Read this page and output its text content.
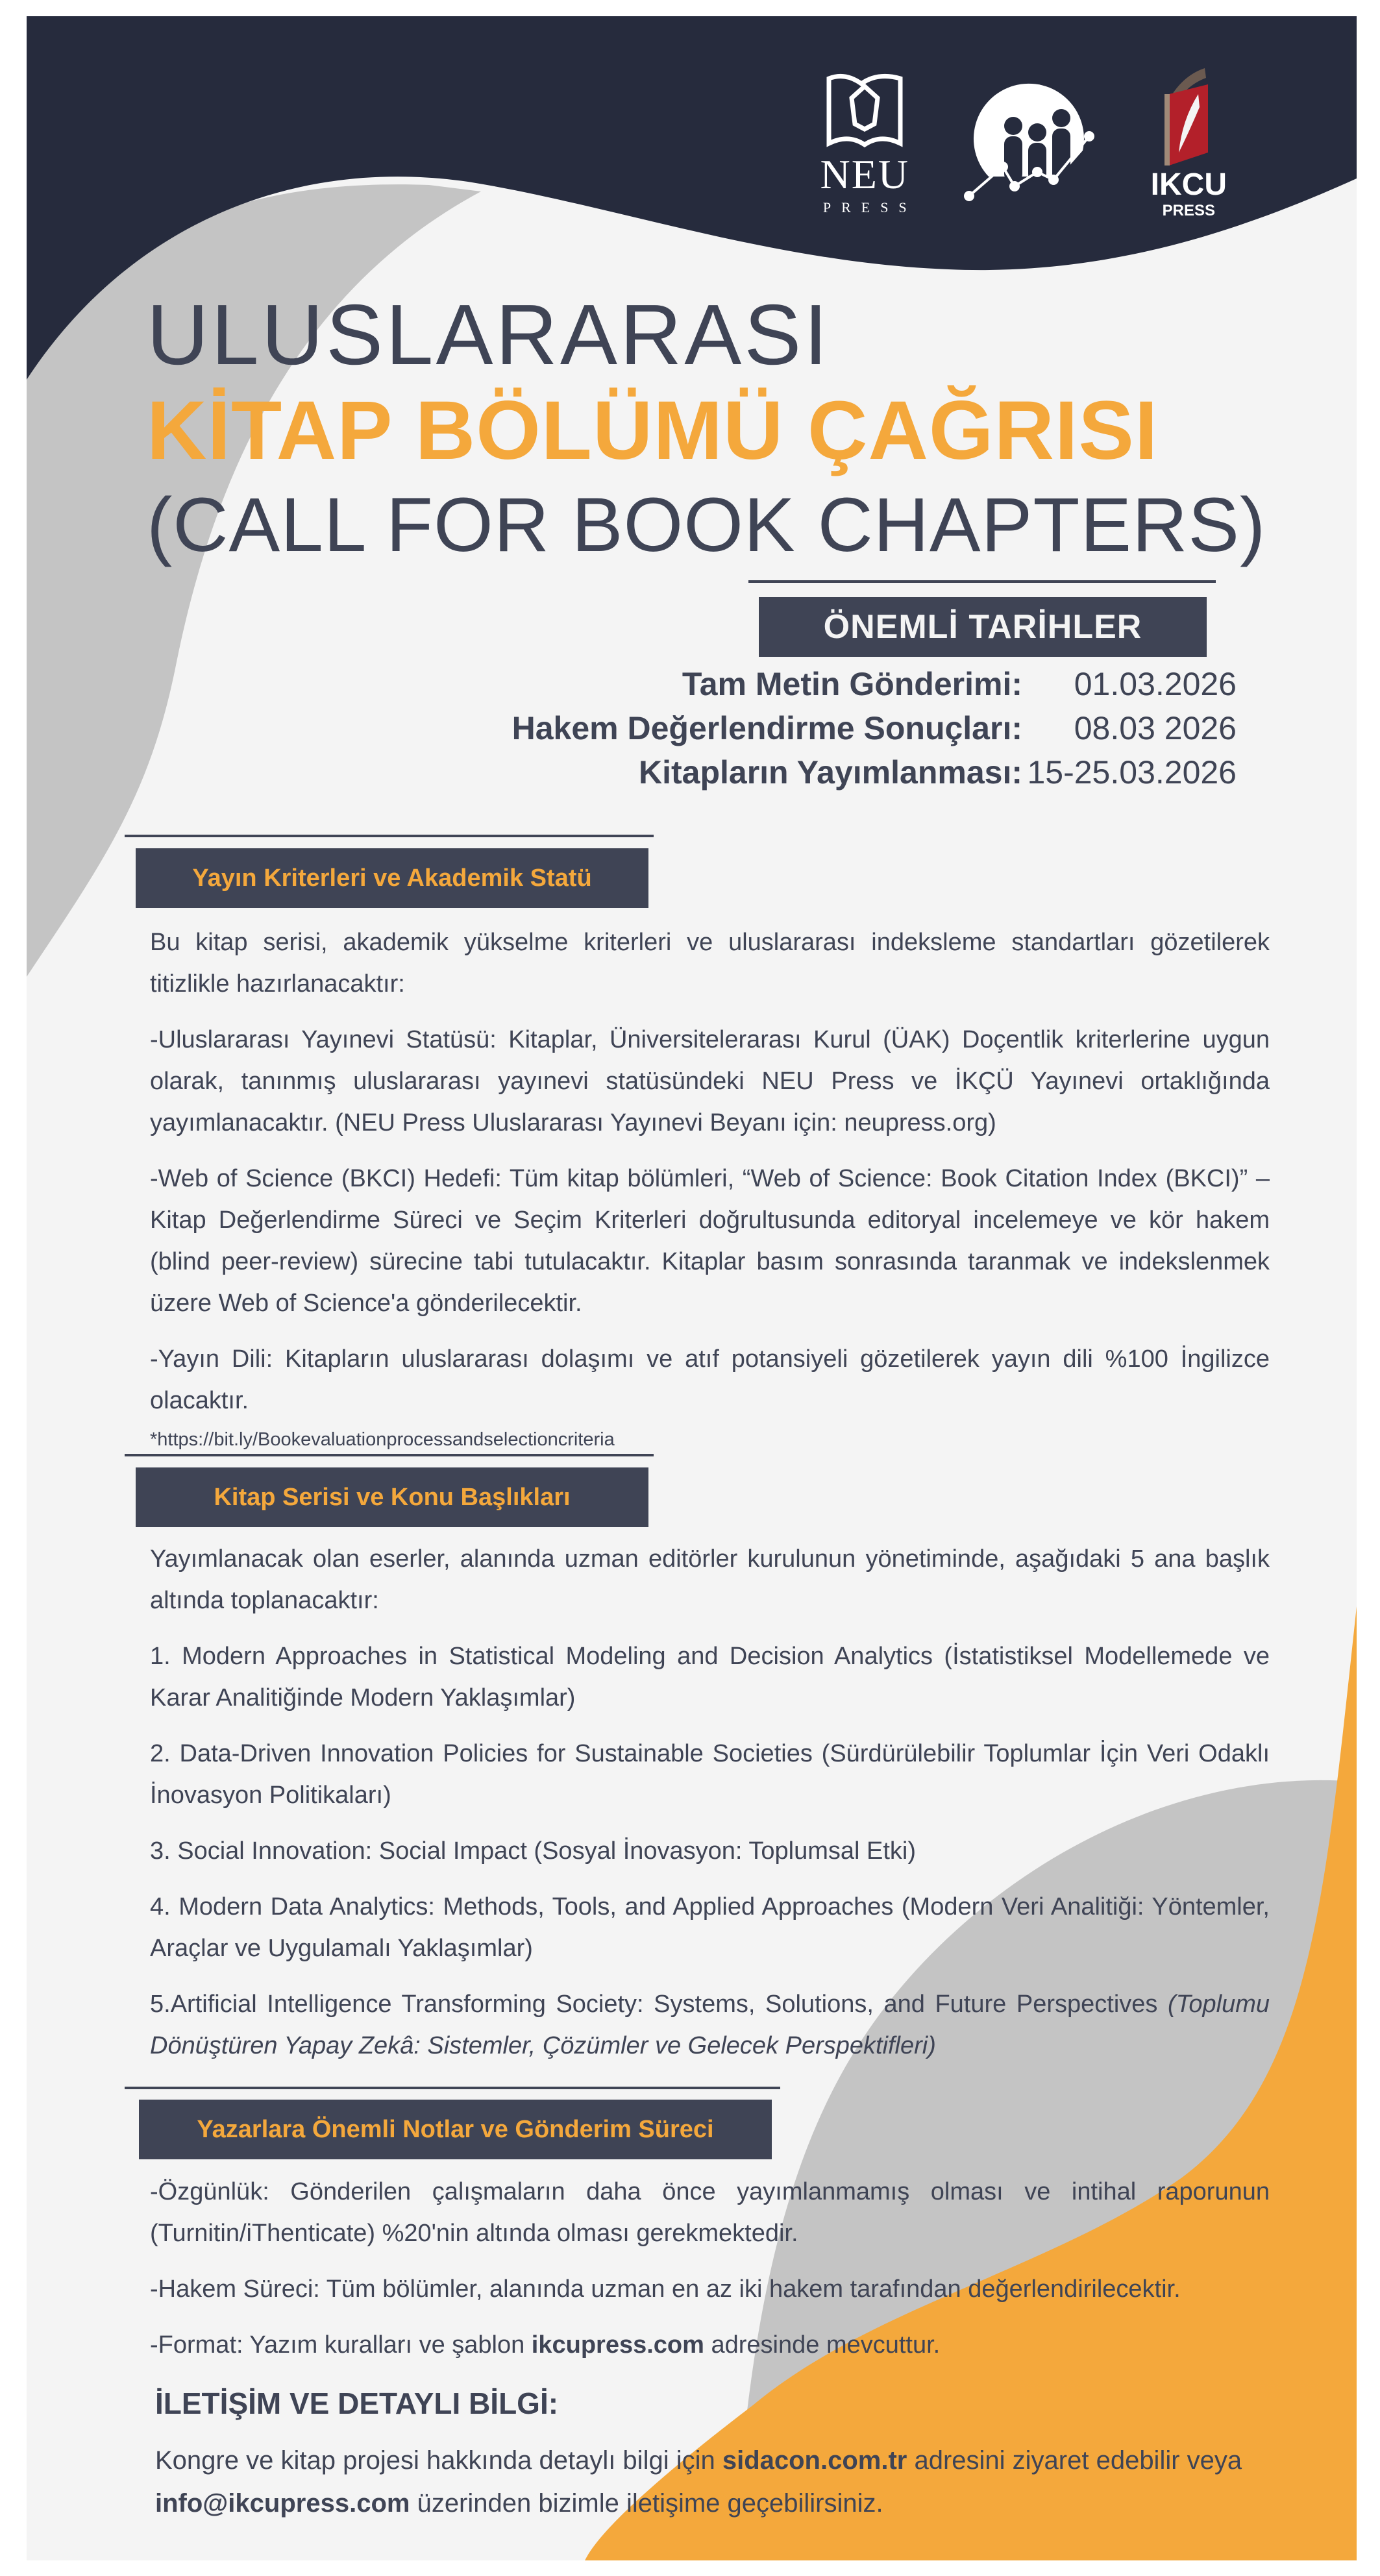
NEU
PRESS
IKCU
PRESS
ULUSLARARASI
KİTAP BÖLÜMÜ ÇAĞRISI
(CALL FOR BOOK CHAPTERS)
ÖNEMLİ TARİHLER
Tam Metin Gönderimi:	01.03.2026
Hakem Değerlendirme Sonuçları:	08.03 2026
Kitapların Yayımlanması: 15-25.03.2026
Yayın Kriterleri ve Akademik Statü

Bu kitap serisi, akademik yükselme kriterleri ve uluslararası indeksleme standartları gözetilerek titizlikle hazırlanacaktır:

-Uluslararası Yayınevi Statüsü: Kitaplar, Üniversitelerarası Kurul (ÜAK) Doçentlik kriterlerine uygun olarak, tanınmış uluslararası yayınevi statüsündeki NEU Press ve İKÇÜ Yayınevi ortaklığında yayımlanacaktır. (NEU Press Uluslararası Yayınevi Beyanı için: neupress.org)

-Web of Science (BKCI) Hedefi: Tüm kitap bölümleri, “Web of Science: Book Citation Index (BKCI)” – Kitap Değerlendirme Süreci ve Seçim Kriterleri doğrultusunda editoryal incelemeye ve kör hakem (blind peer-review) sürecine tabi tutulacaktır. Kitaplar basım sonrasında taranmak ve indekslenmek üzere Web of Science'a gönderilecektir.

-Yayın Dili: Kitapların uluslararası dolaşımı ve atıf potansiyeli gözetilerek yayın dili %100 İngilizce olacaktır.

*https://bit.ly/Bookevaluationprocessandselectioncriteria

Kitap Serisi ve Konu Başlıkları

Yayımlanacak olan eserler, alanında uzman editörler kurulunun yönetiminde, aşağıdaki 5 ana başlık altında toplanacaktır:

1. Modern Approaches in Statistical Modeling and Decision Analytics (İstatistiksel Modellemede ve Karar Analitiğinde Modern Yaklaşımlar)

2. Data-Driven Innovation Policies for Sustainable Societies (Sürdürülebilir Toplumlar İçin Veri Odaklı İnovasyon Politikaları)

3. Social Innovation: Social Impact (Sosyal İnovasyon: Toplumsal Etki)

4. Modern Data Analytics: Methods, Tools, and Applied Approaches (Modern Veri Analitiği: Yöntemler, Araçlar ve Uygulamalı Yaklaşımlar)

5.Artificial Intelligence Transforming Society: Systems, Solutions, and Future Perspectives (Toplumu Dönüştüren Yapay Zekâ: Sistemler, Çözümler ve Gelecek Perspektifleri)

Yazarlara Önemli Notlar ve Gönderim Süreci

-Özgünlük: Gönderilen çalışmaların daha önce yayımlanmamış olması ve intihal raporunun (Turnitin/iThenticate) %20'nin altında olması gerekmektedir.

-Hakem Süreci: Tüm bölümler, alanında uzman en az iki hakem tarafından değerlendirilecektir.

-Format: Yazım kuralları ve şablon ikcupress.com adresinde mevcuttur.

İLETİŞİM VE DETAYLI BİLGİ:

Kongre ve kitap projesi hakkında detaylı bilgi için sidacon.com.tr adresini ziyaret edebilir veya info@ikcupress.com üzerinden bizimle iletişime geçebilirsiniz.
